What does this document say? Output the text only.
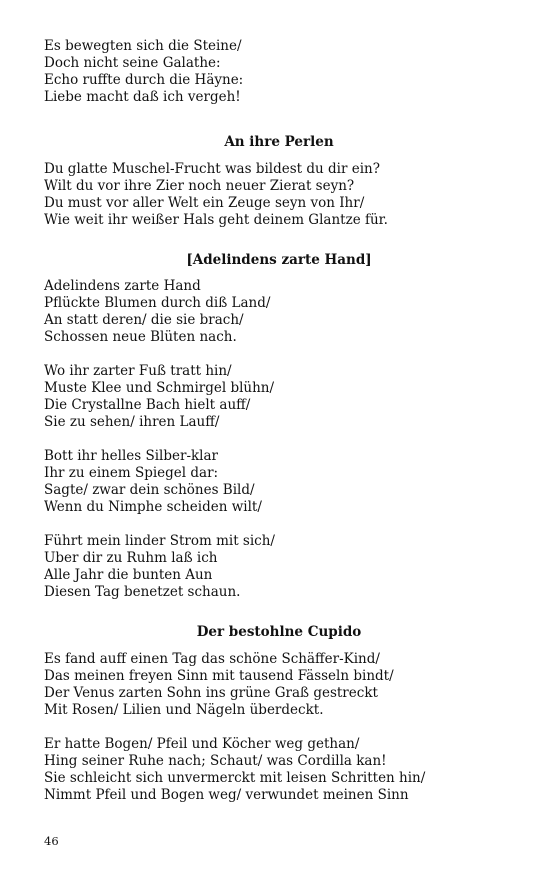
Es bewegten sich die Steine/
Doch nicht seine Galathe:
Echo ruffte durch die Häyne:
Liebe macht daß ich vergeh!
An ihre Perlen
Du glatte Muschel-Frucht was bildest du dir ein?
Wilt du vor ihre Zier noch neuer Zierat seyn?
Du must vor aller Welt ein Zeuge seyn von Ihr/
Wie weit ihr weißer Hals geht deinem Glantze für.
[Adelindens zarte Hand]
Adelindens zarte Hand
Pflückte Blumen durch diß Land/
An statt deren/ die sie brach/
Schossen neue Blüten nach.
Wo ihr zarter Fuß tratt hin/
Muste Klee und Schmirgel blühn/
Die Crystallne Bach hielt auff/
Sie zu sehen/ ihren Lauff/
Bott ihr helles Silber-klar
Ihr zu einem Spiegel dar:
Sagte/ zwar dein schönes Bild/
Wenn du Nimphe scheiden wilt/
Führt mein linder Strom mit sich/
Uber dir zu Ruhm laß ich
Alle Jahr die bunten Aun
Diesen Tag benetzet schaun.
Der bestohlne Cupido
Es fand auff einen Tag das schöne Schäffer-Kind/
Das meinen freyen Sinn mit tausend Fässeln bindt/
Der Venus zarten Sohn ins grüne Graß gestreckt
Mit Rosen/ Lilien und Nägeln überdeckt.
Er hatte Bogen/ Pfeil und Köcher weg gethan/
Hing seiner Ruhe nach; Schaut/ was Cordilla kan!
Sie schleicht sich unvermerckt mit leisen Schritten hin/
Nimmt Pfeil und Bogen weg/ verwundet meinen Sinn
46
